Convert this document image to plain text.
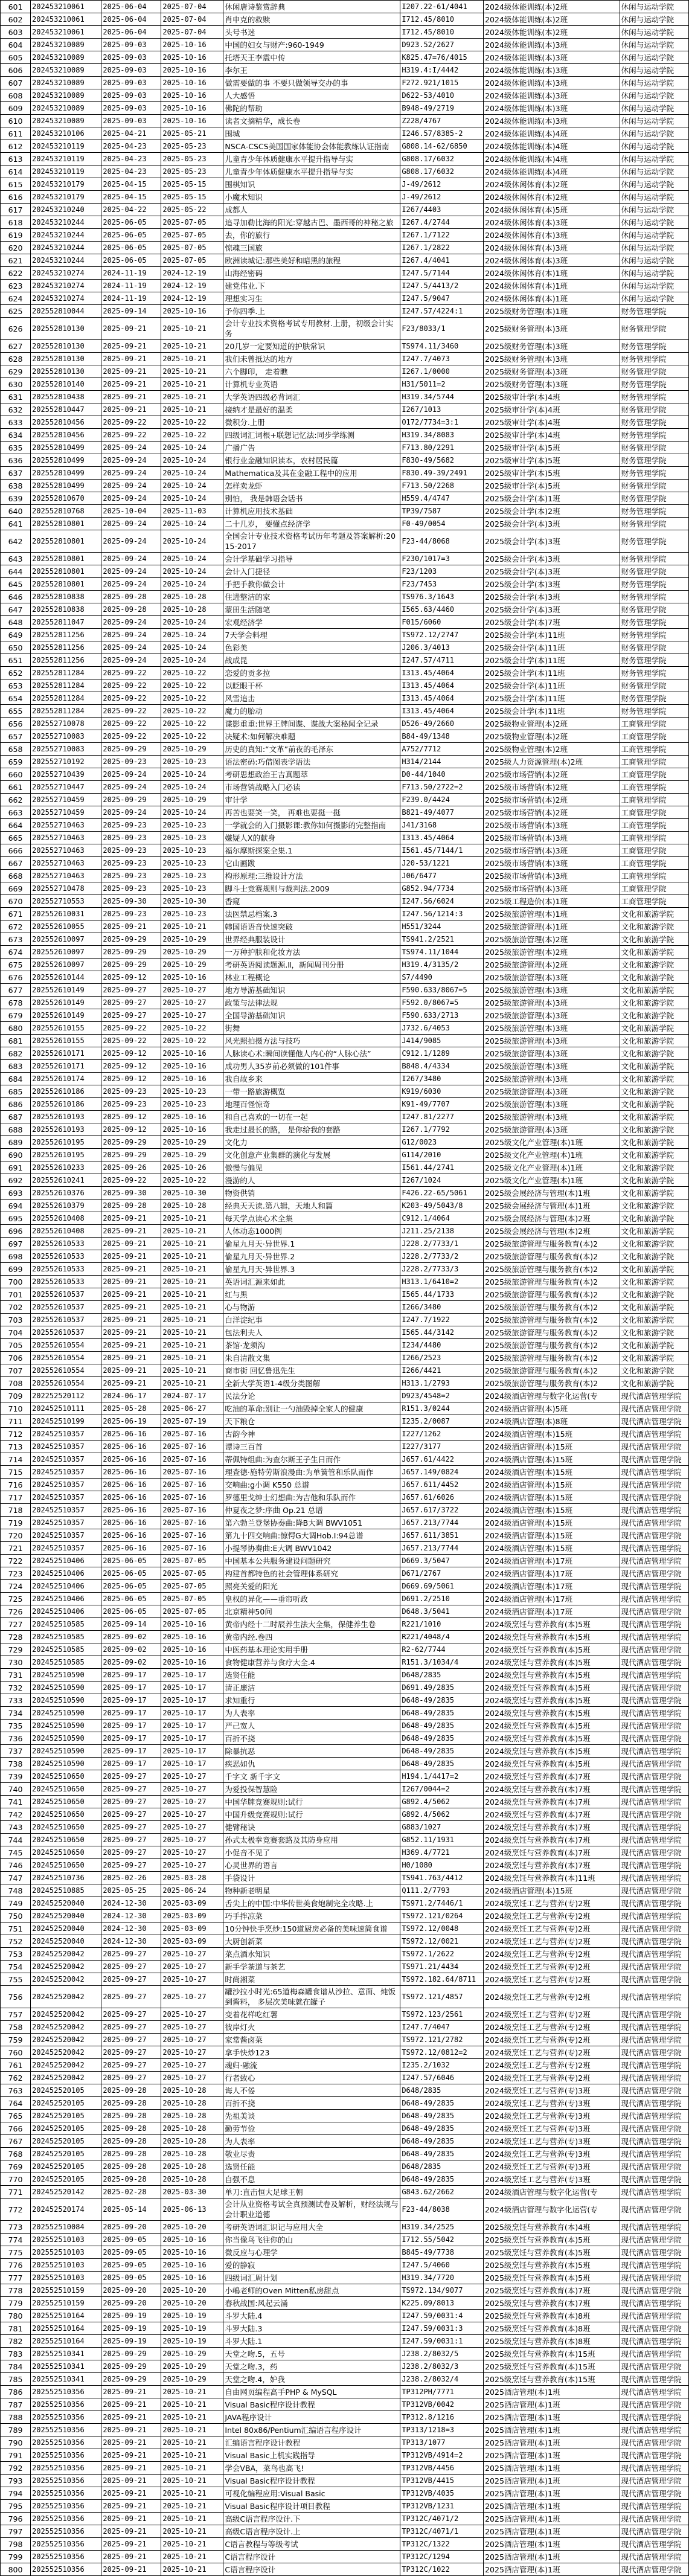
601	202453210061	2025-06-04	2025-07-04	休闲唐诗鉴赏辞典	I207.22-61/4041	2024级体能训练(本)2班	休闲与运动学院
602	202453210061	2025-06-04	2025-07-04	肖申克的救赎	I712.45/8010	2024级体能训练(本)2班	休闲与运动学院
603	202453210061	2025-06-04	2025-07-04	头号书迷	I712.45/8010	2024级体能训练(本)2班	休闲与运动学院
604	202453210089	2025-09-03	2025-10-16	中国的妇女与财产:960-1949	D923.52/2627	2024级体能训练(本)3班	休闲与运动学院
605	202453210089	2025-09-03	2025-10-16	托塔天王李震中传	K825.47=76/4015	2024级体能训练(本)3班	休闲与运动学院
606	202453210089	2025-09-03	2025-10-16	李尔王	H319.4:I/4442	2024级体能训练(本)3班	休闲与运动学院
607	202453210089	2025-09-03	2025-10-16	做需要做的事 不要只做领导交办的事	F272.921/1015	2024级体能训练(本)3班	休闲与运动学院
608	202453210089	2025-09-03	2025-10-16	人大感悟	D622-53/4010	2024级体能训练(本)3班	休闲与运动学院
609	202453210089	2025-09-03	2025-10-16	佛陀的帮助	B948-49/2719	2024级体能训练(本)3班	休闲与运动学院
610	202453210089	2025-09-03	2025-10-16	读者文摘精华，成长卷	Z228/4767	2024级体能训练(本)3班	休闲与运动学院
611	202453210106	2025-04-21	2025-05-21	围城	I246.57/8385-2	2024级体能训练(本)4班	休闲与运动学院
612	202453210119	2025-04-23	2025-05-23	NSCA-CSCS美国国家体能协会体能教练认证指南	G808.14-62/6850	2024级体能训练(本)4班	休闲与运动学院
613	202453210119	2025-04-23	2025-05-23	儿童青少年体质健康水平提升指导与实	G808.17/6032	2024级体能训练(本)4班	休闲与运动学院
614	202453210119	2025-04-23	2025-05-23	儿童青少年体质健康水平提升指导与实	G808.17/6032	2024级体能训练(本)4班	休闲与运动学院
615	202453210179	2025-04-15	2025-05-15	围棋知识	J-49/2612	2024级休闲体育(本)2班	休闲与运动学院
616	202453210179	2025-04-15	2025-05-15	小魔术知识	J-49/2612	2024级休闲体育(本)2班	休闲与运动学院
617	202453210240	2025-04-22	2025-05-22	成都人	I267/4403	2024级休闲体育(本)5班	休闲与运动学院
618	202453210244	2025-06-05	2025-07-05	追寻加勒比海的阳光:穿越古巴、墨西哥的神秘之旅	I267.4/2744	2024级休闲体育(本)3班	休闲与运动学院
619	202453210244	2025-06-05	2025-07-05	去，你的旅行	I267.1/7122	2024级休闲体育(本)3班	休闲与运动学院
620	202453210244	2025-06-05	2025-07-05	惊魂三国旅	I267.1/2822	2024级休闲体育(本)3班	休闲与运动学院
621	202453210244	2025-06-05	2025-07-05	欧洲读城记:那些美好和暗黑的旅程	I267.4/4041	2024级休闲体育(本)3班	休闲与运动学院
622	202453210274	2024-11-19	2024-12-19	山海经密码	I247.5/7144	2024级休闲体育(本)1班	休闲与运动学院
623	202453210274	2024-11-19	2024-12-19	建党伟业.下	I247.5/4413/2	2024级休闲体育(本)1班	休闲与运动学院
624	202453210274	2024-11-19	2024-12-19	理想实习生	I247.5/9047	2024级休闲体育(本)1班	休闲与运动学院
625	202552810044	2025-09-14	2025-10-16	予你四季.上	I247.57/4224:1	2025级财务管理(本)1班	财务管理学院
626	202552810130	2025-09-21	2025-10-21	会计专业技术资格考试专用教材.上册，初级会计实务	F23/8033/1	2025级财务管理(本)3班	财务管理学院
627	202552810130	2025-09-21	2025-10-21	20几岁一定要知道的护肤常识	TS974.11/3460	2025级财务管理(本)3班	财务管理学院
628	202552810130	2025-09-21	2025-10-21	我们未曾抵达的地方	I247.7/4073	2025级财务管理(本)3班	财务管理学院
629	202552810130	2025-09-21	2025-10-21	六个脚印， 走着瞧	I267.1/0000	2025级财务管理(本)3班	财务管理学院
630	202552810140	2025-09-21	2025-10-21	计算机专业英语	H31/5011=2	2025级财务管理(本)3班	财务管理学院
631	202552810438	2025-09-21	2025-10-21	大学英语四级必背词汇	H319.34/5744	2025级审计学(本)4班	财务管理学院
632	202552810447	2025-09-21	2025-10-21	接纳才是最好的温柔	I267/1013	2025级审计学(本)4班	财务管理学院
633	202552810456	2025-09-22	2025-10-22	微积分.上册	O172/7734=3:1	2025级审计学(本)4班	财务管理学院
634	202552810456	2025-09-22	2025-10-22	四级词汇词根+联想记忆法:同步学练测	H319.34/8083	2025级审计学(本)4班	财务管理学院
635	202552810499	2025-09-24	2025-10-24	广播广告	F713.80/2291	2025级审计学(本)5班	财务管理学院
636	202552810499	2025-09-24	2025-10-24	银行业金融知识读本，农村居民篇	F830-49/5682	2025级审计学(本)5班	财务管理学院
637	202552810499	2025-09-24	2025-10-24	Mathematica及其在金融工程中的应用	F830.49-39/2491	2025级审计学(本)5班	财务管理学院
638	202552810499	2025-09-24	2025-10-24	怎样卖龙虾	F713.50/2268	2025级审计学(本)5班	财务管理学院
639	202552810670	2025-09-24	2025-10-24	别怕， 我是韩语会话书	H559.4/4747	2025级会计学(本)1班	财务管理学院
640	202552810768	2025-10-04	2025-11-03	计算机应用技术基础	TP39/7587	2025级会计学(本)2班	财务管理学院
641	202552810801	2025-09-24	2025-10-24	二十几岁， 要懂点经济学	F0-49/0054	2025级会计学(本)3班	财务管理学院
642	202552810801	2025-09-24	2025-10-24	全国会计专业技术资格考试历年考题及答案解析:2015-2017	F23-44/8068	2025级会计学(本)3班	财务管理学院
643	202552810801	2025-09-24	2025-10-24	会计学基础学习指导	F230/1017=3	2025级会计学(本)3班	财务管理学院
644	202552810801	2025-09-24	2025-10-24	会计入门捷径	F23/1203	2025级会计学(本)3班	财务管理学院
645	202552810801	2025-09-24	2025-10-24	手把手教你做会计	F23/7453	2025级会计学(本)3班	财务管理学院
646	202552810838	2025-09-28	2025-10-28	住进整洁的家	TS976.3/1643	2025级会计学(本)3班	财务管理学院
647	202552810838	2025-09-28	2025-10-28	蒙田生活随笔	I565.63/4460	2025级会计学(本)3班	财务管理学院
648	202552811047	2025-09-24	2025-10-24	宏观经济学	F015/6060	2025级会计学(本)7班	财务管理学院
649	202552811256	2025-09-24	2025-10-24	7天学会料理	TS972.12/2747	2025级会计学(本)11班	财务管理学院
650	202552811256	2025-09-24	2025-10-24	色彩美	J206.3/4013	2025级会计学(本)11班	财务管理学院
651	202552811256	2025-09-24	2025-10-24	战成昆	I247.57/4711	2025级会计学(本)11班	财务管理学院
652	202552811284	2025-09-22	2025-10-22	恋爱的贡多拉	I313.45/4064	2025级会计学(本)11班	财务管理学院
653	202552811284	2025-09-22	2025-10-22	以眨眼干杯	I313.45/4064	2025级会计学(本)11班	财务管理学院
654	202552811284	2025-09-22	2025-10-22	风雪追击	I313.45/4064	2025级会计学(本)11班	财务管理学院
655	202552811284	2025-09-22	2025-10-22	魔力的胎动	I313.45/4064	2025级会计学(本)11班	财务管理学院
656	202552710078	2025-09-22	2025-10-22	谍影重重:世界王牌间谍、谍战大案秘闻全记录	D526-49/2660	2025级物业管理(本)2班	工商管理学院
657	202552710083	2025-09-22	2025-10-22	决疑术:如何解决难题	B84-49/1348	2025级物业管理(本)2班	工商管理学院
658	202552710083	2025-09-29	2025-10-29	历史的真知:“文革”前夜的毛泽东	A752/7712	2025级物业管理(本)2班	工商管理学院
659	202552710192	2025-09-23	2025-10-23	语法密码:巧借图表学语法	H314/2144	2025级人力资源管理(本)2班	工商管理学院
660	202552710439	2025-09-24	2025-10-24	考研思想政治王吉真题萃	D0-44/1040	2025级市场营销(本)2班	工商管理学院
661	202552710447	2025-09-24	2025-10-24	市场营销战略入门必读	F713.50/2722=2	2025级市场营销(本)2班	工商管理学院
662	202552710459	2025-09-29	2025-10-29	审计学	F239.0/4424	2025级市场营销(本)2班	工商管理学院
663	202552710459	2025-09-24	2025-10-24	再苦也要笑一笑， 再难也要挺一挺	B821-49/4077	2025级市场营销(本)2班	工商管理学院
664	202552710463	2025-09-23	2025-10-23	一学就会的入门摄影课:教你如何摄影的完整指南	J41/3168	2025级市场营销(本)3班	工商管理学院
665	202552710463	2025-09-23	2025-10-23	嫌疑人X的献身	I313.45/4064	2025级市场营销(本)3班	工商管理学院
666	202552710463	2025-09-23	2025-10-23	福尔摩斯探案全集.1	I561.45/7144/1	2025级市场营销(本)3班	工商管理学院
667	202552710463	2025-09-23	2025-10-23	它山画跋	J20-53/1221	2025级市场营销(本)3班	工商管理学院
668	202552710463	2025-09-23	2025-10-23	构形原理:三维设计方法	J06/6477	2025级市场营销(本)3班	工商管理学院
669	202552710478	2025-09-23	2025-10-23	脚斗士竞赛规则与裁判法.2009	G852.94/7734	2025级市场营销(本)3班	工商管理学院
670	202552710553	2025-09-30	2025-10-30	香窥	I247.56/6024	2025级工程造价(本)1班	工商管理学院
671	202552610031	2025-09-23	2025-10-23	法医禁忌档案.3	I247.56/1214:3	2025级旅游管理(本)1班	文化和旅游学院
672	202552610055	2025-09-21	2025-10-21	韩国语语音快速突破	H551/3244	2025级旅游管理(本)1班	文化和旅游学院
673	202552610097	2025-09-29	2025-10-29	世界经典服装设计	TS941.2/2521	2025级旅游管理(本)2班	文化和旅游学院
674	202552610097	2025-09-29	2025-10-29	一万种护肤和化妆方法	TS974.11/1044	2025级旅游管理(本)2班	文化和旅游学院
675	202552610097	2025-09-29	2025-10-29	考研英语阅读题源.Ⅱ，新闻周刊分册	H319.4/3135/2	2025级旅游管理(本)2班	文化和旅游学院
676	202552610144	2025-09-12	2025-10-16	林业工程概论	S7/4490	2025级旅游管理(本)3班	文化和旅游学院
677	202552610149	2025-09-27	2025-10-27	地方导游基础知识	F590.633/8067=5	2025级旅游管理(本)3班	文化和旅游学院
678	202552610149	2025-09-27	2025-10-27	政策与法律法规	F592.0/8067=5	2025级旅游管理(本)3班	文化和旅游学院
679	202552610149	2025-09-27	2025-10-27	全国导游基础知识	F590.633/2713	2025级旅游管理(本)3班	文化和旅游学院
680	202552610155	2025-09-22	2025-10-22	街舞	J732.6/4053	2025级旅游管理(本)3班	文化和旅游学院
681	202552610155	2025-09-22	2025-10-22	风光照拍摄方法与技巧	J414/9085	2025级旅游管理(本)3班	文化和旅游学院
682	202552610171	2025-09-12	2025-10-16	人脉读心术:瞬间读懂他人内心的“人脉心法”	C912.1/1289	2025级旅游管理(本)3班	文化和旅游学院
683	202552610171	2025-09-12	2025-10-16	成功男人35岁前必须做的101件事	B848.4/4334	2025级旅游管理(本)3班	文化和旅游学院
684	202552610174	2025-09-12	2025-10-16	我自故乡来	I267/3480	2025级旅游管理(本)3班	文化和旅游学院
685	202552610186	2025-09-23	2025-10-23	一带一路旅游概览	K919/6030	2025级旅游管理(本)3班	文化和旅游学院
686	202552610186	2025-09-23	2025-10-23	地理百怪惊奇	K91-49/7707	2025级旅游管理(本)3班	文化和旅游学院
687	202552610193	2025-09-12	2025-10-16	和自己喜欢的一切在一起	I247.81/2277	2025级旅游管理(本)3班	文化和旅游学院
688	202552610193	2025-09-12	2025-10-16	我走过最长的路， 是你给我的套路	I267.1/7792	2025级旅游管理(本)3班	文化和旅游学院
689	202552610195	2025-09-29	2025-10-29	文化力	G12/0023	2025级文化产业管理(本)1班	文化和旅游学院
690	202552610195	2025-09-29	2025-10-29	文化创意产业集群的演化与发展	G114/2010	2025级文化产业管理(本)1班	文化和旅游学院
691	202552610233	2025-09-26	2025-10-26	傲慢与偏见	I561.44/2741	2025级文化产业管理(本)1班	文化和旅游学院
692	202552610241	2025-09-22	2025-10-22	漫游的人	I267/1024	2025级文化产业管理(本)1班	文化和旅游学院
693	202552610376	2025-09-30	2025-10-30	物资供销	F426.22-65/5061	2025级会展经济与管理(本)1班	文化和旅游学院
694	202552610379	2025-09-28	2025-10-28	经典天天读.第八辑，天地人和篇	K203-49/5043/8	2025级会展经济与管理(本)1班	文化和旅游学院
695	202552610408	2025-09-21	2025-10-21	每天学点读心术全集	C912.1/4064	2025级会展经济与管理(本)2班	文化和旅游学院
696	202552610408	2025-09-21	2025-10-21	人体动态1000例	J211.25/2138	2025级会展经济与管理(本)2班	文化和旅游学院
697	202552610533	2025-09-21	2025-10-21	偷星九月天·异世界.1	J228.2/7733/1	2025级旅游管理与服务教育(本)2	文化和旅游学院
698	202552610533	2025-09-21	2025-10-21	偷星九月天·异世界.2	J228.2/7733/2	2025级旅游管理与服务教育(本)2	文化和旅游学院
699	202552610533	2025-09-21	2025-10-21	偷星九月天·异世界.3	J228.2/7733/3	2025级旅游管理与服务教育(本)2	文化和旅游学院
700	202552610533	2025-09-21	2025-10-21	英语词汇源来如此	H313.1/6410=2	2025级旅游管理与服务教育(本)2	文化和旅游学院
701	202552610537	2025-09-21	2025-10-21	红与黑	I565.44/1733	2025级旅游管理与服务教育(本)2	文化和旅游学院
702	202552610537	2025-09-21	2025-10-21	心与物游	I266/3480	2025级旅游管理与服务教育(本)2	文化和旅游学院
703	202552610537	2025-09-21	2025-10-21	白洋淀纪事	I247.7/1922	2025级旅游管理与服务教育(本)2	文化和旅游学院
704	202552610537	2025-09-21	2025-10-21	包法利夫人	I565.44/3142	2025级旅游管理与服务教育(本)2	文化和旅游学院
705	202552610554	2025-09-21	2025-10-21	茶馆·龙须沟	I234/4480	2025级旅游管理与服务教育(本)2	文化和旅游学院
706	202552610554	2025-09-21	2025-10-21	朱自清散文集	I266/2523	2025级旅游管理与服务教育(本)2	文化和旅游学院
707	202552610554	2025-09-21	2025-10-21	商市街 回忆鲁迅先生	I266/4421	2025级旅游管理与服务教育(本)2	文化和旅游学院
708	202552610554	2025-09-21	2025-10-21	全新大学英语1-4级分类图解	H313.1/2793	2025级旅游管理与服务教育(本)2	文化和旅游学院
709	202252520112	2024-06-17	2024-07-17	民法分论	D923/4548=2	2024级酒店管理与数字化运营(专	现代酒店管理学院
710	202452510111	2025-05-28	2025-06-27	吃油的革命:别让一勺油毁掉全家人的健康	R151.3/0244	2024级酒店管理(本)5班	现代酒店管理学院
711	202452510199	2025-06-19	2025-07-19	天下粮仓	I235.2/0087	2024级酒店管理(本)8班	现代酒店管理学院
712	202452510357	2025-06-16	2025-07-16	古韵今神	I227/1262	2024级酒店管理(本)15班	现代酒店管理学院
713	202452510357	2025-06-16	2025-07-16	谭诗三百首	I227/3177	2024级酒店管理(本)15班	现代酒店管理学院
714	202452510357	2025-06-16	2025-07-16	蒂佩特组曲:为查尔斯王子生日而作	J657.61/4422	2024级酒店管理(本)15班	现代酒店管理学院
715	202452510357	2025-06-16	2025-07-16	理查德·施特劳斯浪漫曲:为单簧管和乐队而作	J657.149/0824	2024级酒店管理(本)15班	现代酒店管理学院
716	202452510357	2025-06-16	2025-07-16	交响曲:g小调 K550 总谱	J657.611/4452	2024级酒店管理(本)15班	现代酒店管理学院
717	202452510357	2025-06-16	2025-07-16	罗德里戈绅士幻想曲:为吉他和乐队而作	J657.61/6026	2024级酒店管理(本)15班	现代酒店管理学院
718	202452510357	2025-06-16	2025-07-16	仲夏夜之梦:序曲 Op.21 总谱	J657.617/3722	2024级酒店管理(本)15班	现代酒店管理学院
719	202452510357	2025-06-16	2025-07-16	第六勃兰登堡协奏曲:降B大调 BWV1051	J657.213/7744	2024级酒店管理(本)15班	现代酒店管理学院
720	202452510357	2025-06-16	2025-07-16	第九十四交响曲:惊愕G大调Hob.I:94总谱	J657.611/3851	2024级酒店管理(本)15班	现代酒店管理学院
721	202452510357	2025-06-16	2025-07-16	小提琴协奏曲:E大调 BWV1042	J657.213/7744	2024级酒店管理(本)15班	现代酒店管理学院
722	202452510406	2025-06-05	2025-07-05	中国基本公共服务建设问题研究	D669.3/5047	2024级酒店管理(本)17班	现代酒店管理学院
723	202452510406	2025-06-05	2025-07-05	构建首都特色的社会管理体系研究	D671/2767	2024级酒店管理(本)17班	现代酒店管理学院
724	202452510406	2025-06-05	2025-07-05	照亮关爱的阳光	D669.69/5061	2024级酒店管理(本)17班	现代酒店管理学院
725	202452510406	2025-06-05	2025-07-05	皇权的异化——垂帘听政	D691.2/2510	2024级酒店管理(本)17班	现代酒店管理学院
726	202452510406	2025-06-05	2025-07-05	北京精神50问	D648.3/5041	2024级酒店管理(本)17班	现代酒店管理学院
727	202452510585	2025-09-14	2025-10-16	黄帝内经十二时辰养生法大全集，保健养生卷	R221/1010	2024级烹饪与营养教育(本)5班	现代酒店管理学院
728	202452510585	2025-09-02	2025-10-16	黄帝内经.卷四	R221/4048/4	2024级烹饪与营养教育(本)5班	现代酒店管理学院
729	202452510585	2025-09-02	2025-10-16	中医药基本理论实用手册	R2-62/7744	2024级烹饪与营养教育(本)5班	现代酒店管理学院
730	202452510585	2025-09-02	2025-10-16	食物健康营养与食疗大全.4	R151.3/1034/4	2024级烹饪与营养教育(本)5班	现代酒店管理学院
731	202452510590	2025-09-17	2025-10-17	选贤任能	D648/2835	2024级烹饪与营养教育(本)5班	现代酒店管理学院
732	202452510590	2025-09-17	2025-10-17	清正廉洁	D691.49/2835	2024级烹饪与营养教育(本)5班	现代酒店管理学院
733	202452510590	2025-09-17	2025-10-17	求知重行	D648-49/2835	2024级烹饪与营养教育(本)5班	现代酒店管理学院
734	202452510590	2025-09-17	2025-10-17	为人表率	D648-49/2835	2024级烹饪与营养教育(本)5班	现代酒店管理学院
735	202452510590	2025-09-17	2025-10-17	严己宽人	D648-49/2835	2024级烹饪与营养教育(本)5班	现代酒店管理学院
736	202452510590	2025-09-17	2025-10-17	百折不挠	D648-49/2835	2024级烹饪与营养教育(本)5班	现代酒店管理学院
737	202452510590	2025-09-17	2025-10-17	除暴抗恶	D648-49/2835	2024级烹饪与营养教育(本)5班	现代酒店管理学院
738	202452510590	2025-09-17	2025-10-17	疾恶如仇	D648-49/2835	2024级烹饪与营养教育(本)5班	现代酒店管理学院
739	202452510650	2025-09-27	2025-10-27	千字文 新千字文	H194.1/4417=2	2024级烹饪与营养教育(本)7班	现代酒店管理学院
740	202452510650	2025-09-27	2025-10-27	为爱投保智慧险	I267/0044=2	2024级烹饪与营养教育(本)7班	现代酒店管理学院
741	202452510650	2025-09-27	2025-10-27	中国华牌竞赛规则:试行	G892.4/5062	2024级烹饪与营养教育(本)7班	现代酒店管理学院
742	202452510650	2025-09-27	2025-10-27	中国升级竞赛规则:试行	G892.4/5062	2024级烹饪与营养教育(本)7班	现代酒店管理学院
743	202452510650	2025-09-27	2025-10-27	健臂秘诀	G883/1027	2024级烹饪与营养教育(本)7班	现代酒店管理学院
744	202452510650	2025-09-27	2025-10-27	孙式太极拳竞赛套路及其防身应用	G852.11/1931	2024级烹饪与营养教育(本)7班	现代酒店管理学院
745	202452510650	2025-09-27	2025-10-27	小促音不见了	H369.4/7721	2024级烹饪与营养教育(本)7班	现代酒店管理学院
746	202452510650	2025-09-27	2025-10-27	心灵世界的语言	H0/1080	2024级烹饪与营养教育(本)7班	现代酒店管理学院
747	202452510736	2025-02-26	2025-03-28	手袋设计	TS941.763/4412	2024级烹饪与营养教育(本)11班	现代酒店管理学院
748	202452510885	2025-05-25	2025-06-24	物种新老明星	Q111.2/7793	2024级酒店管理(本)15班	现代酒店管理学院
749	202452520040	2024-12-30	2025-03-09	舌尖上的中国:中华传世美食炮制完全攻略.上	TS971.2/7446/1	2024级烹饪工艺与营养(专)2班	现代酒店管理学院
750	202452520040	2024-12-30	2025-03-09	巧手拌凉菜	TS972.121/0264	2024级烹饪工艺与营养(专)2班	现代酒店管理学院
751	202452520040	2024-12-30	2025-03-09	10分钟快手烹炒:150道厨房必备的美味速简食谱	TS972.12/0048	2024级烹饪工艺与营养(专)2班	现代酒店管理学院
752	202452520040	2024-12-30	2025-03-09	大厨创新菜	TS972.12/0021	2024级烹饪工艺与营养(专)2班	现代酒店管理学院
753	202452520042	2025-09-27	2025-10-27	菜点酒水知识	TS972.1/2622	2024级烹饪工艺与营养(专)2班	现代酒店管理学院
754	202452520042	2025-09-27	2025-10-27	新手学茶道与茶艺	TS971.21/4434	2024级烹饪工艺与营养(专)2班	现代酒店管理学院
755	202452520042	2025-09-27	2025-10-27	时尚湘菜	TS972.182.64/8711	2024级烹饪工艺与营养(专)2班	现代酒店管理学院
756	202452520042	2025-09-27	2025-10-27	罐沙拉小时光:65道梅森罐食谱从沙拉、意面、炖饭到酱料， 多层次美味就在罐子	TS972.121/4857	2024级烹饪工艺与营养(专)2班	现代酒店管理学院
757	202452520042	2025-09-27	2025-10-27	变着花样吃红薯	TS972.123/2561	2024级烹饪工艺与营养(专)2班	现代酒店管理学院
758	202452520042	2025-09-27	2025-10-27	彼岸灯火	I247.7/4047	2024级烹饪工艺与营养(专)2班	现代酒店管理学院
759	202452520042	2025-09-27	2025-10-27	家常酱卤菜	TS972.121/2782	2024级烹饪工艺与营养(专)2班	现代酒店管理学院
760	202452520042	2025-09-27	2025-10-27	拿手快炒123	TS972.12/0812=2	2024级烹饪工艺与营养(专)2班	现代酒店管理学院
761	202452520042	2025-09-27	2025-10-27	魂归·融流	I235.2/1032	2024级烹饪工艺与营养(专)2班	现代酒店管理学院
762	202452520042	2025-09-27	2025-10-27	行者致心	I247.57/6046	2024级烹饪工艺与营养(专)2班	现代酒店管理学院
763	202452520105	2025-09-28	2025-10-28	诲人不倦	D648/2835	2024级烹饪工艺与营养(专)3班	现代酒店管理学院
764	202452520105	2025-09-28	2025-10-28	百折不挠	D648-49/2835	2024级烹饪工艺与营养(专)3班	现代酒店管理学院
765	202452520105	2025-09-28	2025-10-28	先祖美谈	D648-49/2835	2024级烹饪工艺与营养(专)3班	现代酒店管理学院
766	202452520105	2025-09-28	2025-10-28	勤劳节俭	D648-49/2835	2024级烹饪工艺与营养(专)3班	现代酒店管理学院
767	202452520105	2025-09-28	2025-10-28	为人表率	D648-49/2835	2024级烹饪工艺与营养(专)3班	现代酒店管理学院
768	202452520105	2025-09-28	2025-10-28	敬业尽责	D648-49/2835	2024级烹饪工艺与营养(专)3班	现代酒店管理学院
769	202452520105	2025-09-28	2025-10-28	选贤任能	D648/2835	2024级烹饪工艺与营养(专)3班	现代酒店管理学院
770	202452520105	2025-09-28	2025-10-28	自强不息	D648-49/2835	2024级烹饪工艺与营养(专)3班	现代酒店管理学院
771	202452520142	2025-02-28	2025-03-30	单刀:直击恒大足球王朝	G843.62/2662	2024级酒店管理与数字化运营(专	现代酒店管理学院
772	202452520174	2025-05-14	2025-06-13	会计从业资格考试全真预测试卷及解析，财经法规与会计职业道德	F23-44/8038	2024级酒店管理与数字化运营(专	现代酒店管理学院
773	202552510084	2025-09-20	2025-10-20	考研英语词汇识记与应用大全	H319.34/2525	2025级烹饪与营养教育(本)4班	现代酒店管理学院
774	202552510103	2025-09-05	2025-10-16	你当像鸟飞往你的山	I712.55/5042	2025级烹饪与营养教育(本)5班	现代酒店管理学院
775	202552510103	2025-09-05	2025-10-16	微反应与心理学	B845-49/7738	2025级烹饪与营养教育(本)5班	现代酒店管理学院
776	202552510103	2025-09-05	2025-10-16	爱的静寂	I247.5/4060	2025级烹饪与营养教育(本)5班	现代酒店管理学院
777	202552510103	2025-09-05	2025-10-16	四级词汇周计划	H319.34/7720	2025级烹饪与营养教育(本)5班	现代酒店管理学院
778	202552510159	2025-09-20	2025-10-20	小嶋老师的Oven Mitten私房甜点	TS972.134/9077	2025级烹饪与营养教育(本)7班	现代酒店管理学院
779	202552510159	2025-09-20	2025-10-20	春秋战国:风起云涌	K225.09/8013	2025级烹饪与营养教育(本)7班	现代酒店管理学院
780	202552510164	2025-09-19	2025-10-19	斗罗大陆.4	I247.59/0031:4	2025级烹饪与营养教育(本)8班	现代酒店管理学院
781	202552510164	2025-09-19	2025-10-19	斗罗大陆.3	I247.59/0031:3	2025级烹饪与营养教育(本)8班	现代酒店管理学院
782	202552510164	2025-09-19	2025-10-19	斗罗大陆.1	I247.59/0031:1	2025级烹饪与营养教育(本)8班	现代酒店管理学院
783	202552510341	2025-09-29	2025-10-29	天堂之吻.5，五号	J238.2/8032/5	2025级烹饪与营养教育(本)15班	现代酒店管理学院
784	202552510341	2025-09-29	2025-10-29	天堂之吻.3，药	J238.2/8032/3	2025级烹饪与营养教育(本)15班	现代酒店管理学院
785	202552510341	2025-09-29	2025-10-29	天堂之吻.4，妒我	J238.2/8032/4	2025级烹饪与营养教育(本)15班	现代酒店管理学院
786	202552510356	2025-09-21	2025-10-21	自由网页编程高手PHP & MySQL	TP312PH/7771	2025酒店管理(本)1班	现代酒店管理学院
787	202552510356	2025-09-21	2025-10-21	Visual Basic程序设计教程	TP312VB/0042	2025酒店管理(本)1班	现代酒店管理学院
788	202552510356	2025-09-21	2025-10-21	JAVA程序设计	TP312.8/1216	2025酒店管理(本)1班	现代酒店管理学院
789	202552510356	2025-09-21	2025-10-21	Intel 80x86/Pentium汇编语言程序设计	TP313/1218=3	2025酒店管理(本)1班	现代酒店管理学院
790	202552510356	2025-09-21	2025-10-21	汇编语言程序设计教程	TP313/1077	2025酒店管理(本)1班	现代酒店管理学院
791	202552510356	2025-09-21	2025-10-21	Visual Basic上机实践指导	TP312VB/4914=2	2025酒店管理(本)1班	现代酒店管理学院
792	202552510356	2025-09-21	2025-10-21	学会VBA，菜鸟也高飞!	TP312VB/4456	2025酒店管理(本)1班	现代酒店管理学院
793	202552510356	2025-09-21	2025-10-21	Visual Basic程序设计教程	TP312VB/4415	2025酒店管理(本)1班	现代酒店管理学院
794	202552510356	2025-09-21	2025-10-21	可视化编程应用:Visual Basic	TP312VB/4035	2025酒店管理(本)1班	现代酒店管理学院
795	202552510356	2025-09-21	2025-10-21	Visual Basic程序设计项目教程	TP312VB/1231	2025酒店管理(本)1班	现代酒店管理学院
796	202552510356	2025-09-21	2025-10-21	高级C语言程序设计.下	TP312C/4071/2	2025酒店管理(本)1班	现代酒店管理学院
797	202552510356	2025-09-21	2025-10-21	高级C语言程序设计.上	TP312C/4071/1	2025酒店管理(本)1班	现代酒店管理学院
798	202552510356	2025-09-21	2025-10-21	C语言教程与等级考试	TP312C/1322	2025酒店管理(本)1班	现代酒店管理学院
799	202552510356	2025-09-21	2025-10-21	C语言程序设计	TP312C/1294	2025酒店管理(本)1班	现代酒店管理学院
800	202552510356	2025-09-21	2025-10-21	C语言程序设计	TP312C/1022	2025酒店管理(本)1班	现代酒店管理学院
